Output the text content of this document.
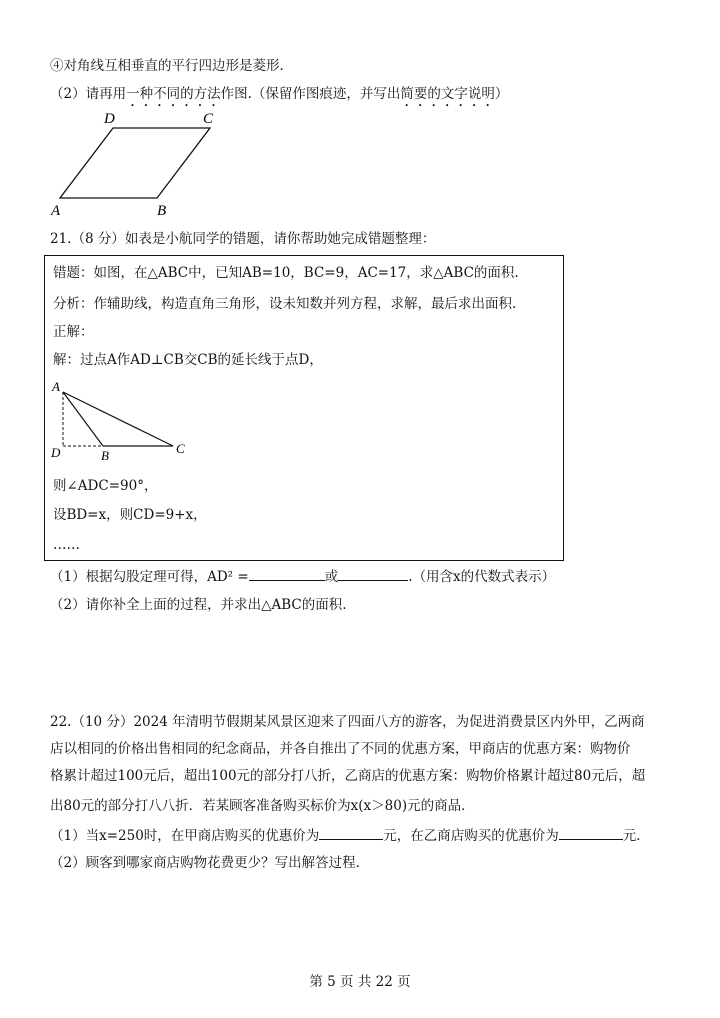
④对角线互相垂直的平行四边形是菱形.
（2）请再用一种不同的方法作图.（保留作图痕迹，并写出简要的文字说明）
D	C
A	B
21.（8 分）如表是小航同学的错题，请你帮助她完成错题整理：
错题：如图，在△ABC中，已知AB=10，BC=9，AC=17，求△ABC的面积.
分析：作辅助线，构造直角三角形，设未知数并列方程，求解，最后求出面积.
正解：
解：过点A作AD⊥CB交CB的延长线于点D，
A
D	B	C
则∠ADC=90°，
设BD=x，则CD=9+x，
……
（1）根据勾股定理可得，AD² =	或	.（用含x的代数式表示）
（2）请你补全上面的过程，并求出△ABC的面积.
22.（10 分）2024 年清明节假期某风景区迎来了四面八方的游客，为促进消费景区内外甲，乙两商
店以相同的价格出售相同的纪念商品，并各自推出了不同的优惠方案，甲商店的优惠方案：购物价
格累计超过100元后，超出100元的部分打八折，乙商店的优惠方案：购物价格累计超过80元后，超
出80元的部分打八八折．若某顾客准备购买标价为x(x＞80)元的商品．
（1）当x=250时，在甲商店购买的优惠价为	元，在乙商店购买的优惠价为	元．
（2）顾客到哪家商店购物花费更少？写出解答过程．
第 5 页 共 22 页
